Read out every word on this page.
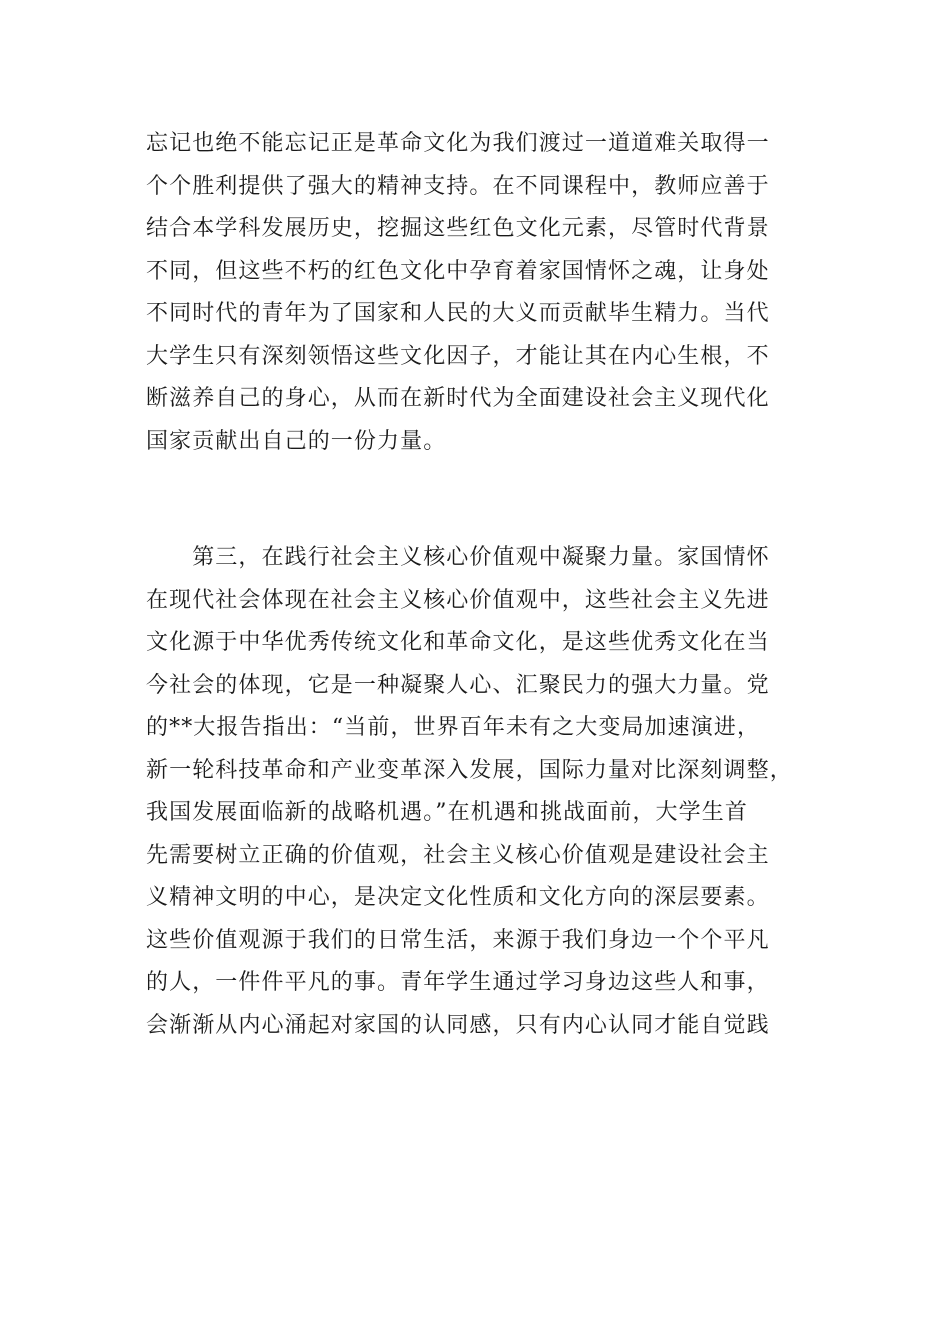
忘记也绝不能忘记正是革命文化为我们渡过一道道难关取得一
个个胜利提供了强大的精神支持。在不同课程中，教师应善于
结合本学科发展历史，挖掘这些红色文化元素，尽管时代背景
不同，但这些不朽的红色文化中孕育着家国情怀之魂，让身处
不同时代的青年为了国家和人民的大义而贡献毕生精力。当代
大学生只有深刻领悟这些文化因子，才能让其在内心生根，不
断滋养自己的身心，从而在新时代为全面建设社会主义现代化
国家贡献出自己的一份力量。
　　第三，在践行社会主义核心价值观中凝聚力量。家国情怀
在现代社会体现在社会主义核心价值观中，这些社会主义先进
文化源于中华优秀传统文化和革命文化，是这些优秀文化在当
今社会的体现，它是一种凝聚人心、汇聚民力的强大力量。党
的**大报告指出：“当前，世界百年未有之大变局加速演进，
新一轮科技革命和产业变革深入发展，国际力量对比深刻调整，
我国发展面临新的战略机遇。”在机遇和挑战面前，大学生首
先需要树立正确的价值观，社会主义核心价值观是建设社会主
义精神文明的中心，是决定文化性质和文化方向的深层要素。
这些价值观源于我们的日常生活，来源于我们身边一个个平凡
的人，一件件平凡的事。青年学生通过学习身边这些人和事，
会渐渐从内心涌起对家国的认同感，只有内心认同才能自觉践
